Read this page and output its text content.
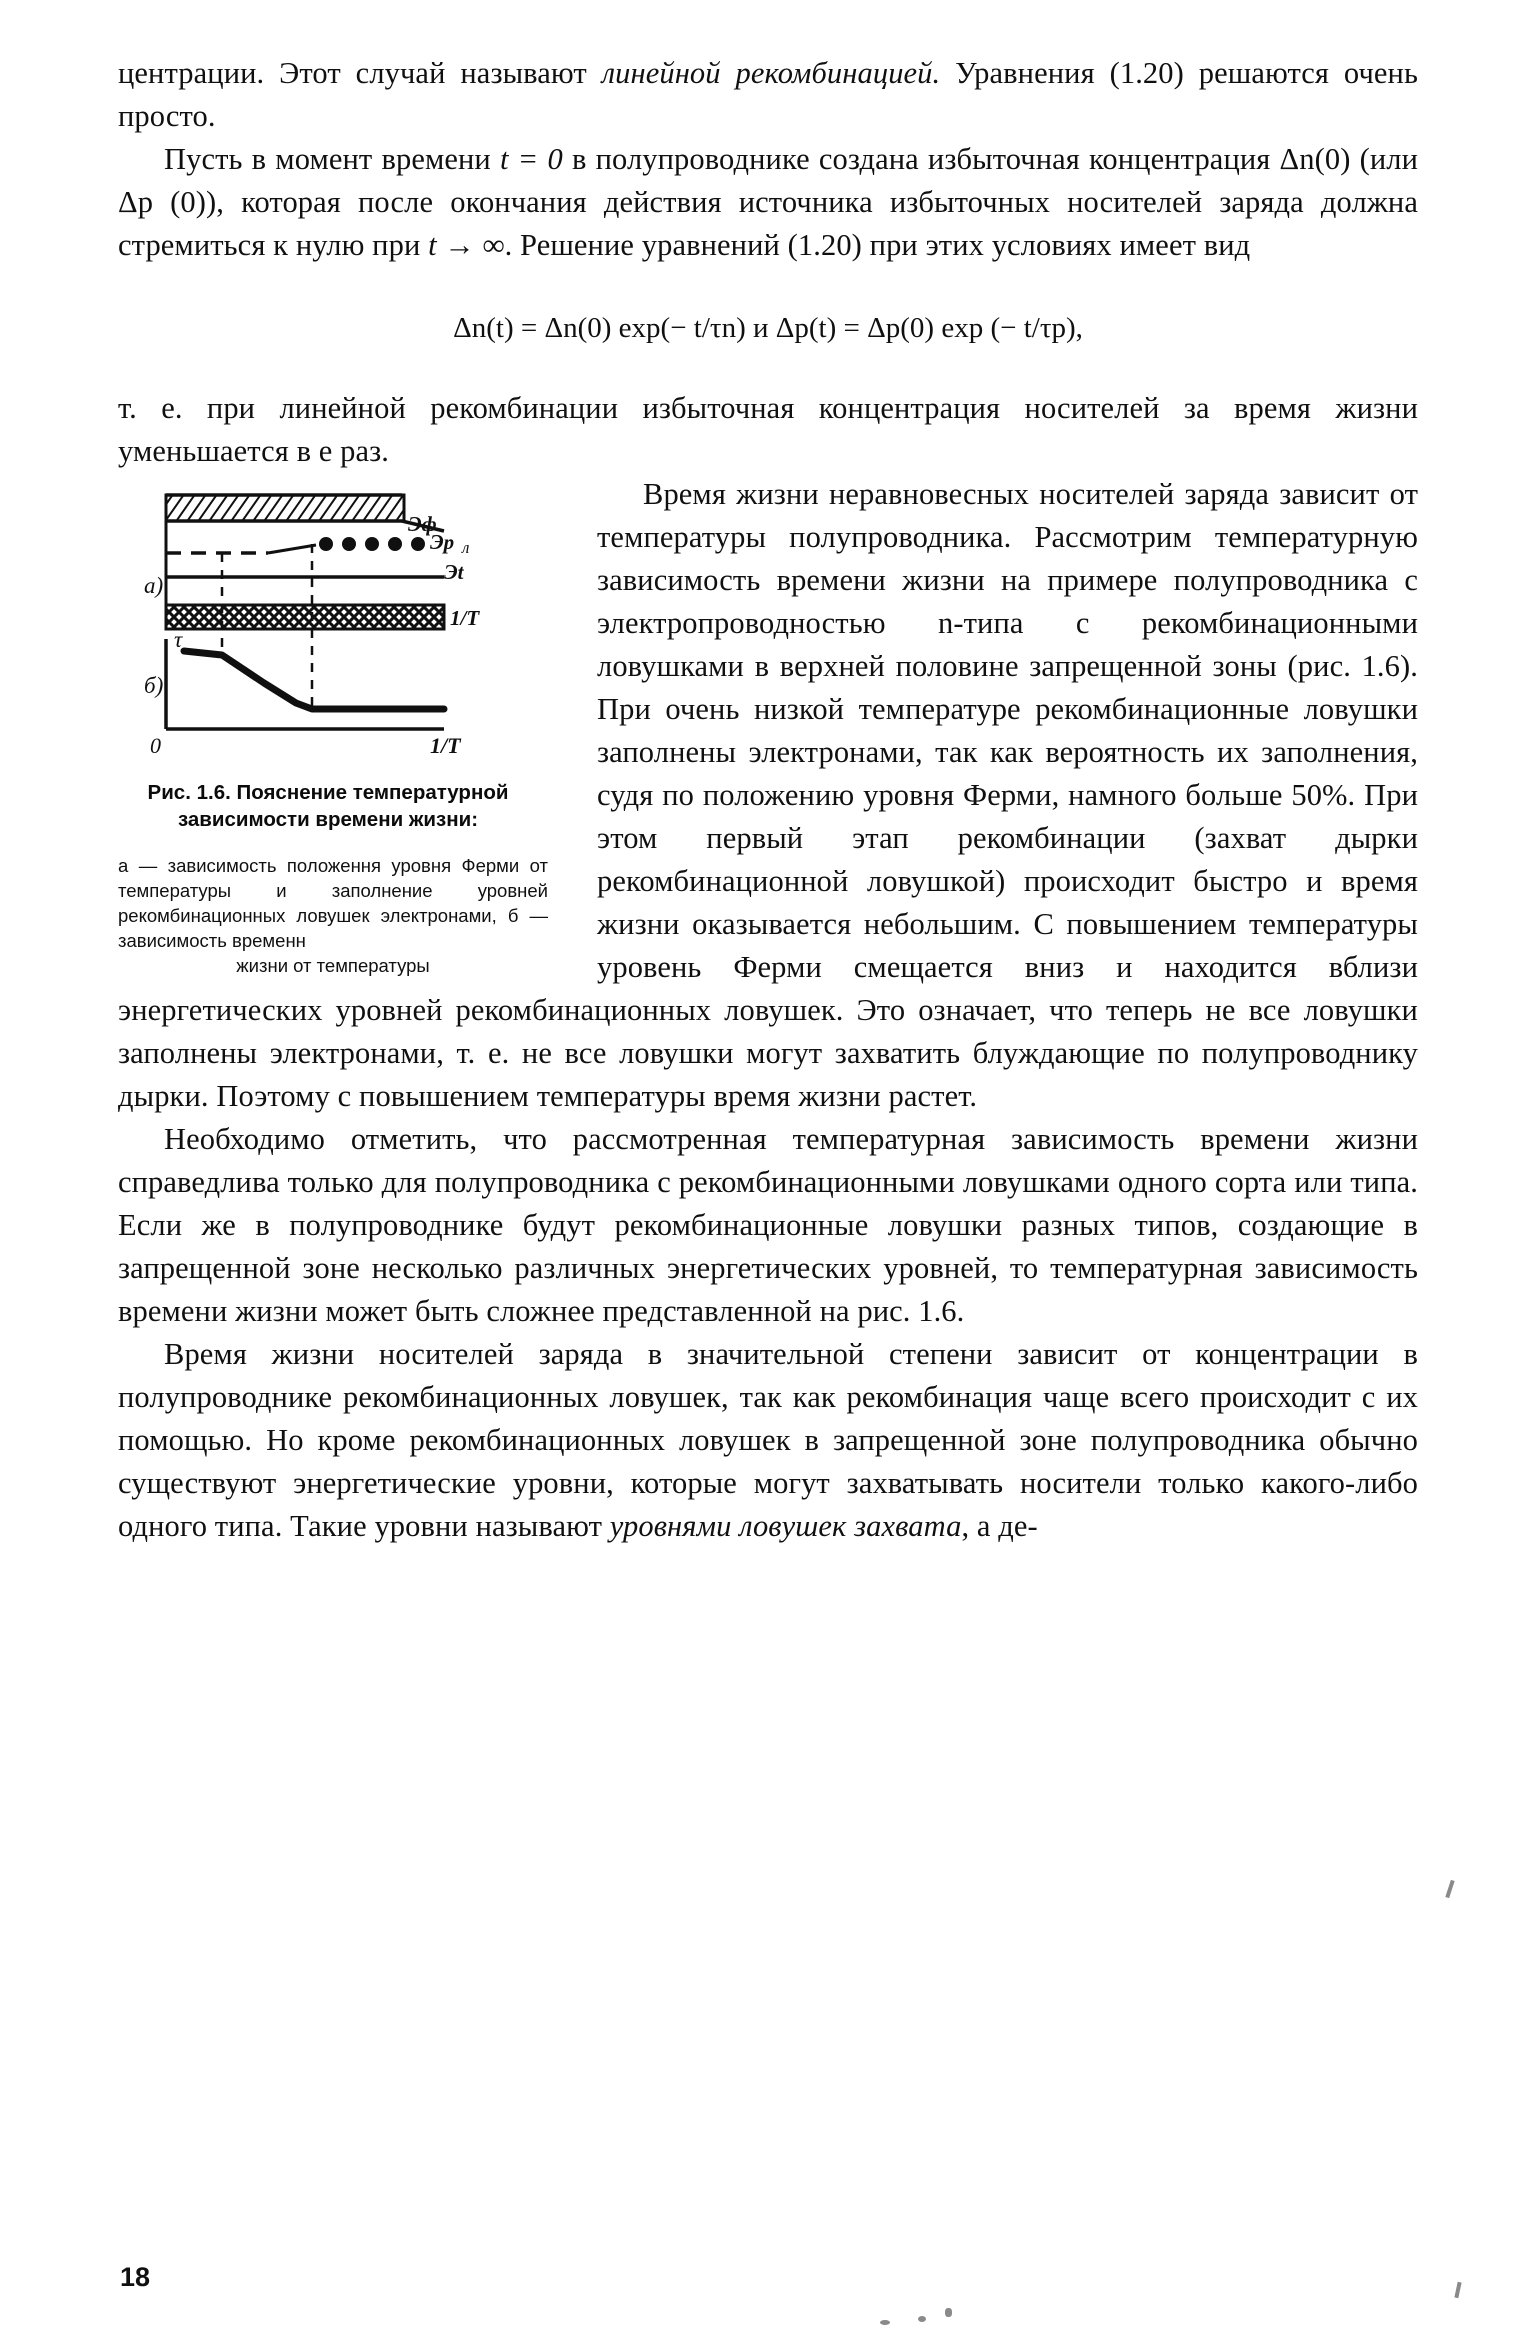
центрации. Этот случай называют линейной рекомбинацией. Уравнения (1.20) решаются очень просто.

Пусть в момент времени t = 0 в полупроводнике создана избыточная концентрация Δn(0) (или Δp (0)), которая после окончания действия источника избыточных носителей заряда должна стремиться к нулю при t → ∞. Решение уравнений (1.20) при этих условиях имеет вид

Δn(t) = Δn(0) exp(− t/τn) и Δp(t) = Δp(0) exp (− t/τp),

т. е. при линейной рекомбинации избыточная концентрация носителей за время жизни уменьшается в e раз.

Эф
Эр л
Эt
1/Т
а)
б)
τ
0	1/Т
Рис. 1.6. Пояснение температурной зависимости времени жизни:
а — зависимость положення уровня Ферми от температуры и заполнение уровней рекомбинационных ловушек электронами, б — зависимость временн
жизни от температуры

Время жизни неравновесных носителей заряда зависит от температуры полупроводника. Рассмотрим температурную зависимость времени жизни на примере полупроводника с электропроводностью n-типа с рекомбинационными ловушками в верхней половине запрещенной зоны (рис. 1.6). При очень низкой температуре рекомбинационные ловушки заполнены электронами, так как вероятность их заполнения, судя по положению уровня Ферми, намного больше 50%. При этом первый этап рекомбинации (захват дырки рекомбинационной ловушкой) происходит быстро и время жизни оказывается небольшим. С повышением температуры уровень Ферми смещается вниз и находится вблизи энергетических уровней рекомбинационных ловушек. Это означает, что теперь не все ловушки заполнены электронами, т. е. не все ловушки могут захватить блуждающие по полупроводнику дырки. Поэтому с повышением температуры время жизни растет.

Необходимо отметить, что рассмотренная температурная зависимость времени жизни справедлива только для полупроводника с рекомбинационными ловушками одного сорта или типа. Если же в полупроводнике будут рекомбинационные ловушки разных типов, создающие в запрещенной зоне несколько различных энергетических уровней, то температурная зависимость времени жизни может быть сложнее представленной на рис. 1.6.

Время жизни носителей заряда в значительной степени зависит от концентрации в полупроводнике рекомбинационных ловушек, так как рекомбинация чаще всего происходит с их помощью. Но кроме рекомбинационных ловушек в запрещенной зоне полупроводника обычно существуют энергетические уровни, которые могут захватывать носители только какого-либо одного типа. Такие уровни называют уровнями ловушек захвата, а де-

18
